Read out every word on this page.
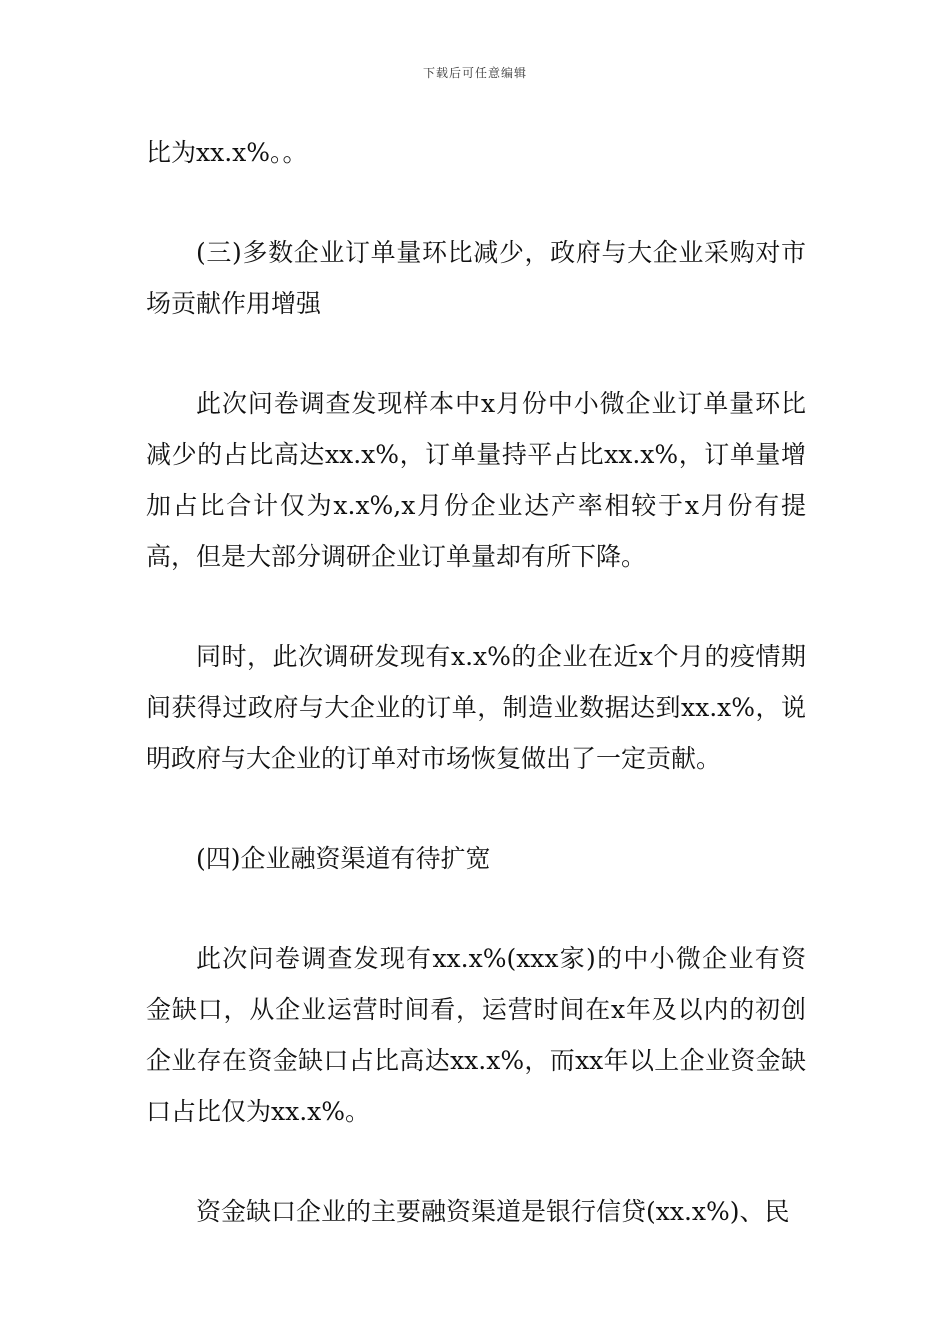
下载后可任意编辑

比为xx.x%。。

(三)多数企业订单量环比减少，政府与大企业采购对市场贡献作用增强

此次问卷调查发现样本中x月份中小微企业订单量环比减少的占比高达xx.x%，订单量持平占比xx.x%，订单量增加占比合计仅为x.x%,x月份企业达产率相较于x月份有提高，但是大部分调研企业订单量却有所下降。

同时，此次调研发现有x.x%的企业在近x个月的疫情期间获得过政府与大企业的订单，制造业数据达到xx.x%，说明政府与大企业的订单对市场恢复做出了一定贡献。

(四)企业融资渠道有待扩宽

此次问卷调查发现有xx.x%(xxx家)的中小微企业有资金缺口，从企业运营时间看，运营时间在x年及以内的初创企业存在资金缺口占比高达xx.x%，而xx年以上企业资金缺口占比仅为xx.x%。

资金缺口企业的主要融资渠道是银行信贷(xx.x%)、民
